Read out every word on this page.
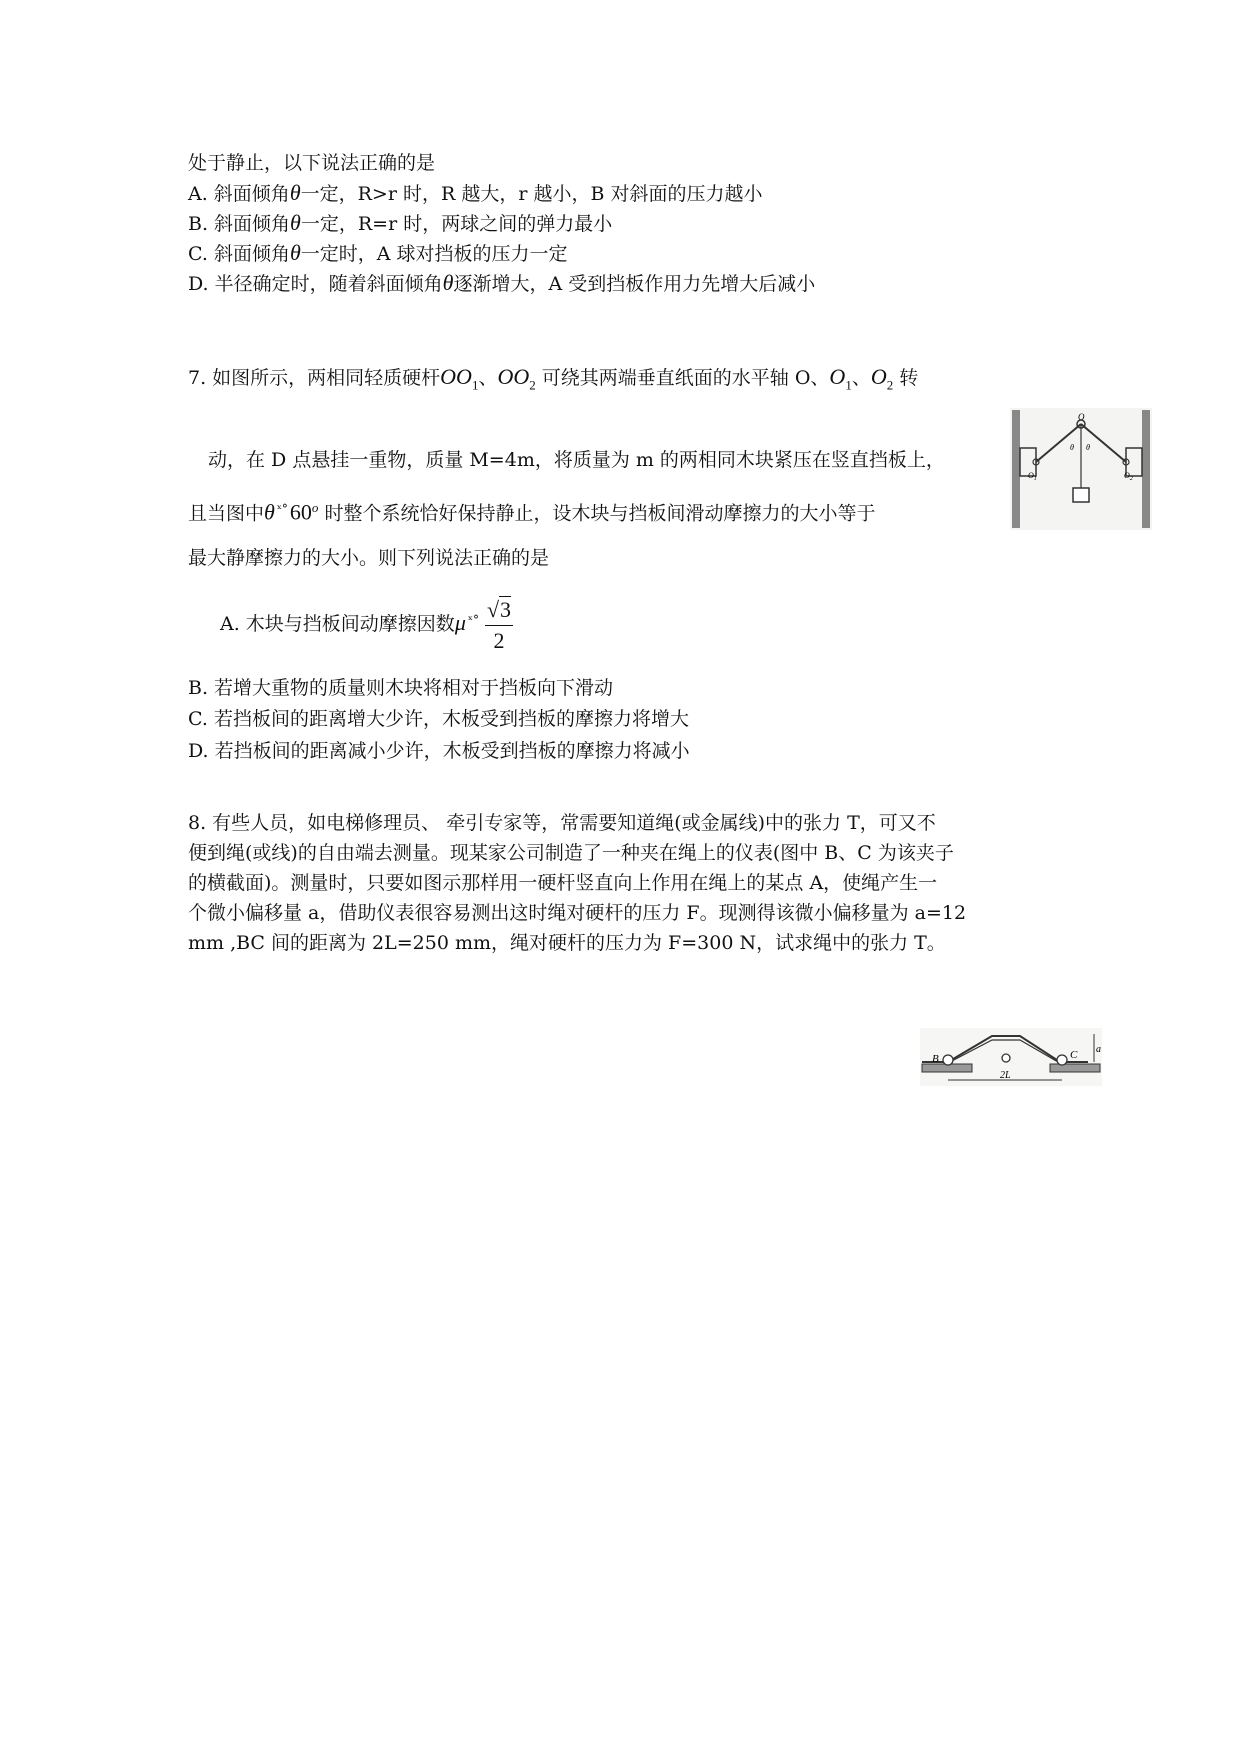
处于静止，以下说法正确的是
A. 斜面倾角θ一定，R>r 时，R 越大，r 越小，B 对斜面的压力越小
B. 斜面倾角θ一定，R=r 时，两球之间的弹力最小
C. 斜面倾角θ一定时，A 球对挡板的压力一定
D. 半径确定时，随着斜面倾角θ逐渐增大，A 受到挡板作用力先增大后减小
7. 如图所示，两相同轻质硬杆$OO_1$、$OO_2$ 可绕其两端垂直纸面的水平轴 O、$O_1$、$O_2$ 转
动，在 D 点悬挂一重物，质量 M=4m，将质量为 m 的两相同木块紧压在竖直挡板上，
且当图中θ $^{ˣ^\circ}$60$^o$ 时整个系统恰好保持静止，设木块与挡板间滑动摩擦力的大小等于
最大静摩擦力的大小。则下列说法正确的是
A. 木块与挡板间动摩擦因数μ $^{ˣ^\circ} \frac{√3}{2}$
B. 若增大重物的质量则木块将相对于挡板向下滑动
C. 若挡板间的距离增大少许，木板受到挡板的摩擦力将增大
D. 若挡板间的距离减小少许，木板受到挡板的摩擦力将减小
O
θ θ
$O_1$	$O_2$
8. 有些人员，如电梯修理员、 牵引专家等，常需要知道绳(或金属线)中的张力 T，可又不
便到绳(或线)的自由端去测量。现某家公司制造了一种夹在绳上的仪表(图中 B、C 为该夹子
的横截面)。测量时，只要如图示那样用一硬杆竖直向上作用在绳上的某点 A，使绳产生一
个微小偏移量 a，借助仪表很容易测出这时绳对硬杆的压力 F。现测得该微小偏移量为 a=12
mm ,BC 间的距离为 2L=250 mm，绳对硬杆的压力为 F=300 N，试求绳中的张力 T。
B	C a
2L
